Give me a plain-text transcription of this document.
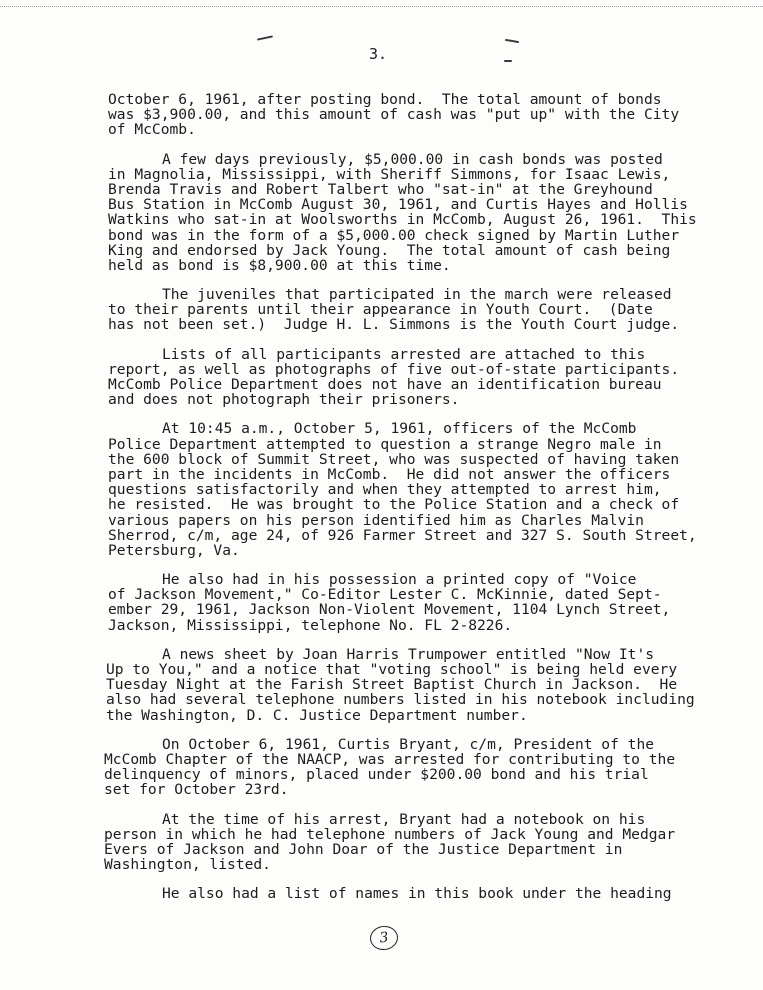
3.
October 6, 1961, after posting bond.  The total amount of bonds
was $3,900.00, and this amount of cash was "put up" with the City
of McComb.
A few days previously, $5,000.00 in cash bonds was posted
in Magnolia, Mississippi, with Sheriff Simmons, for Isaac Lewis,
Brenda Travis and Robert Talbert who "sat-in" at the Greyhound
Bus Station in McComb August 30, 1961, and Curtis Hayes and Hollis
Watkins who sat-in at Woolsworths in McComb, August 26, 1961.  This
bond was in the form of a $5,000.00 check signed by Martin Luther
King and endorsed by Jack Young.  The total amount of cash being
held as bond is $8,900.00 at this time.
The juveniles that participated in the march were released
to their parents until their appearance in Youth Court.  (Date
has not been set.)  Judge H. L. Simmons is the Youth Court judge.
Lists of all participants arrested are attached to this
report, as well as photographs of five out-of-state participants.
McComb Police Department does not have an identification bureau
and does not photograph their prisoners.
At 10:45 a.m., October 5, 1961, officers of the McComb
Police Department attempted to question a strange Negro male in
the 600 block of Summit Street, who was suspected of having taken
part in the incidents in McComb.  He did not answer the officers
questions satisfactorily and when they attempted to arrest him,
he resisted.  He was brought to the Police Station and a check of
various papers on his person identified him as Charles Malvin
Sherrod, c/m, age 24, of 926 Farmer Street and 327 S. South Street,
Petersburg, Va.
He also had in his possession a printed copy of "Voice
of Jackson Movement," Co-Editor Lester C. McKinnie, dated Sept-
ember 29, 1961, Jackson Non-Violent Movement, 1104 Lynch Street,
Jackson, Mississippi, telephone No. FL 2-8226.
A news sheet by Joan Harris Trumpower entitled "Now It's
Up to You," and a notice that "voting school" is being held every
Tuesday Night at the Farish Street Baptist Church in Jackson.  He
also had several telephone numbers listed in his notebook including
the Washington, D. C. Justice Department number.
On October 6, 1961, Curtis Bryant, c/m, President of the
McComb Chapter of the NAACP, was arrested for contributing to the
delinquency of minors, placed under $200.00 bond and his trial
set for October 23rd.
At the time of his arrest, Bryant had a notebook on his
person in which he had telephone numbers of Jack Young and Medgar
Evers of Jackson and John Doar of the Justice Department in
Washington, listed.
He also had a list of names in this book under the heading
3
